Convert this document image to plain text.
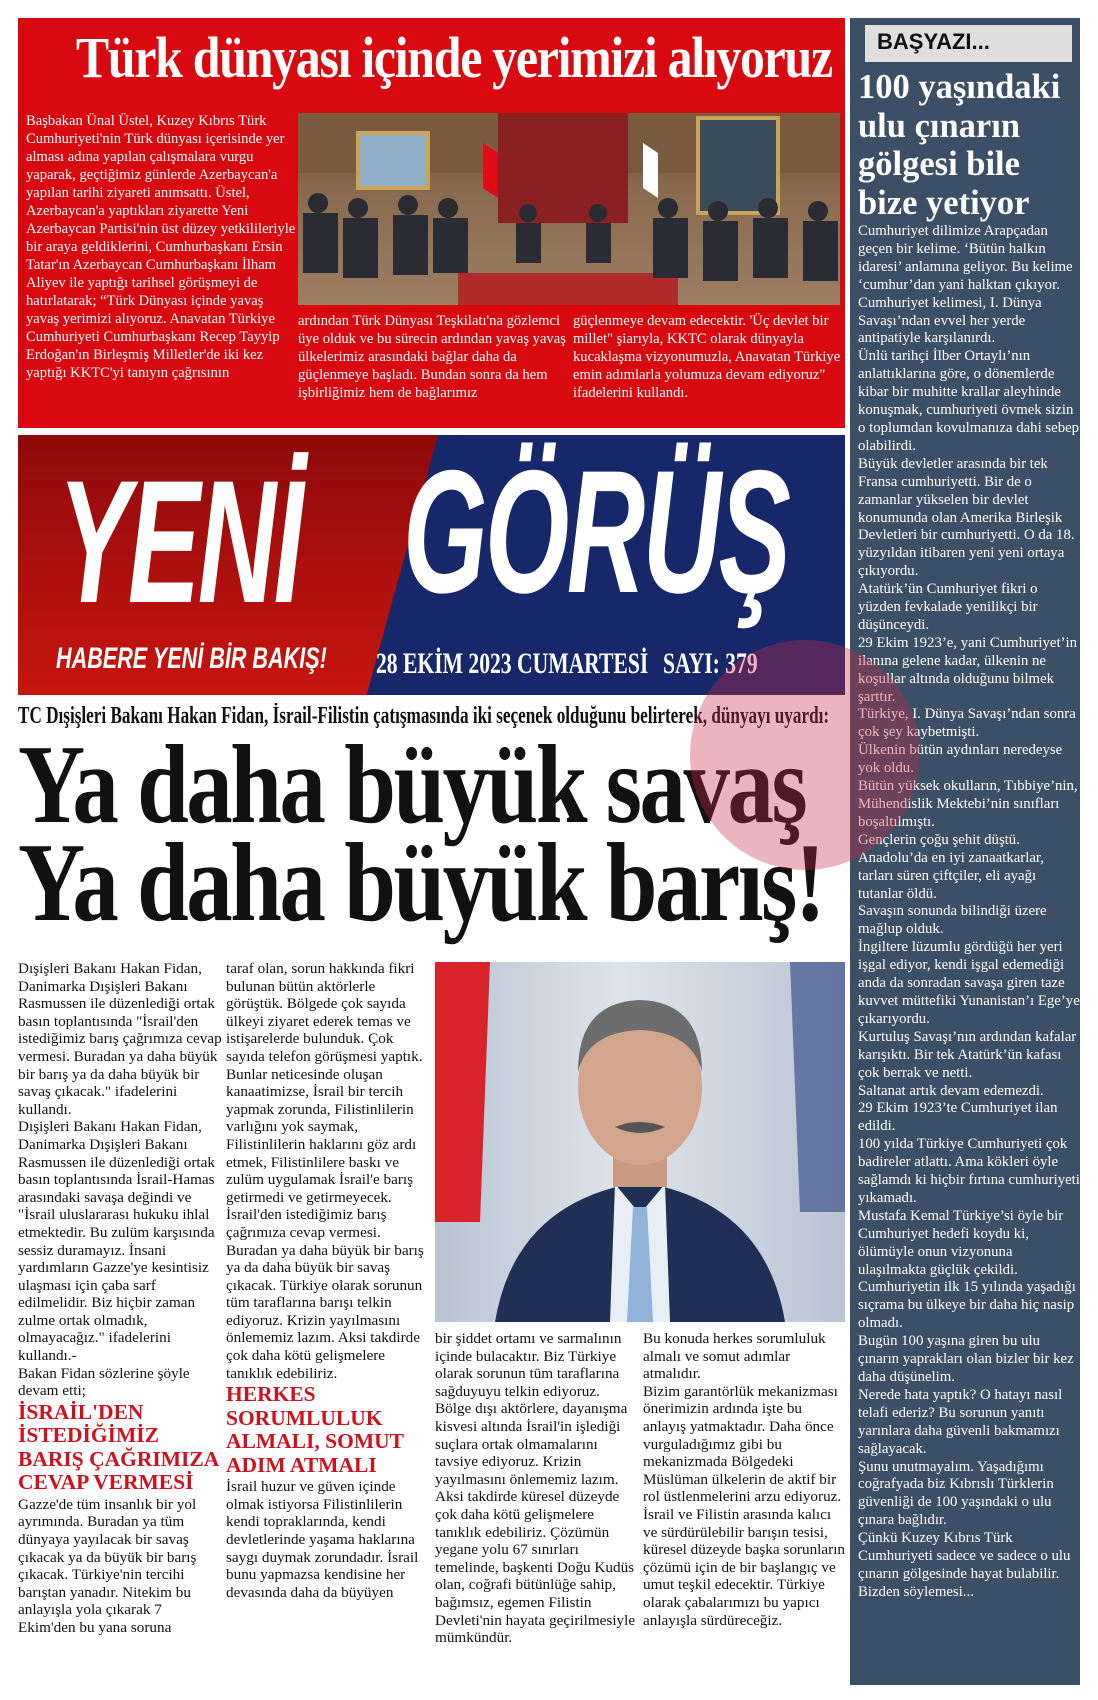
Türk dünyası içinde yerimizi alıyoruz
Başbakan Ünal Üstel, Kuzey Kıbrıs Türk Cumhuriyeti'nin Türk dünyası içerisinde yer alması adına yapılan çalışmalara vurgu yaparak, geçtiğimiz günlerde Azerbaycan'a yapılan tarihi ziyareti anımsattı. Üstel, Azerbaycan'a yaptıkları ziyarette Yeni Azerbaycan Partisi'nin üst düzey yetkilileriyle bir araya geldiklerini, Cumhurbaşkanı Ersin Tatar'ın Azerbaycan Cumhurbaşkanı İlham Aliyev ile yaptığı tarihsel görüşmeyi de hatırlatarak; “Türk Dünyası içinde yavaş yavaş yerimizi alıyoruz. Anavatan Türkiye Cumhuriyeti Cumhurbaşkanı Recep Tayyip Erdoğan'ın Birleşmiş Milletler'de iki kez yaptığı KKTC'yi tanıyın çağrısının
ardından Türk Dünyası Teşkilatı'na gözlemci üye olduk ve bu sürecin ardından yavaş yavaş ülkelerimiz arasındaki bağlar daha da güçlenmeye başladı. Bundan sonra da hem işbirliğimiz hem de bağlarımız
güçlenmeye devam edecektir. 'Üç devlet bir millet" şiarıyla, KKTC olarak dünyayla kucaklaşma vizyonumuzla, Anavatan Türkiye emin adımlarla yolumuza devam ediyoruz" ifadelerini kullandı.
YENİ GÖRÜŞ
HABERE YENİ BİR BAKIŞ! 28 EKİM 2023 CUMARTESİ SAYI: 379
TC Dışişleri Bakanı Hakan Fidan, İsrail-Filistin çatışmasında iki seçenek olduğunu belirterek, dünyayı uyardı:
Ya daha büyük savaş
Ya daha büyük barış!

Dışişleri Bakanı Hakan Fidan, Danimarka Dışişleri Bakanı Rasmussen ile düzenlediği ortak basın toplantısında "İsrail'den istediğimiz barış çağrımıza cevap vermesi. Buradan ya daha büyük bir barış ya da daha büyük bir savaş çıkacak." ifadelerini kullandı.

Dışişleri Bakanı Hakan Fidan, Danimarka Dışişleri Bakanı Rasmussen ile düzenlediği ortak basın toplantısında İsrail-Hamas arasındaki savaşa değindi ve "İsrail uluslararası hukuku ihlal etmektedir. Bu zulüm karşısında sessiz duramayız. İnsani yardımların Gazze'ye kesintisiz ulaşması için çaba sarf edilmelidir. Biz hiçbir zaman zulme ortak olmadık, olmayacağız." ifadelerini kullandı.-

Bakan Fidan sözlerine şöyle devam etti;

İSRAİL'DEN İSTEDİĞİMİZ BARIŞ ÇAĞRIMIZA CEVAP VERMESİ

Gazze'de tüm insanlık bir yol ayrımında. Buradan ya tüm dünyaya yayılacak bir savaş çıkacak ya da büyük bir barış çıkacak. Türkiye'nin tercihi barıştan yanadır. Nitekim bu anlayışla yola çıkarak 7 Ekim'den bu yana soruna

taraf olan, sorun hakkında fikri bulunan bütün aktörlerle görüştük. Bölgede çok sayıda ülkeyi ziyaret ederek temas ve istişarelerde bulunduk. Çok sayıda telefon görüşmesi yaptık.

Bunlar neticesinde oluşan kanaatimizse, İsrail bir tercih yapmak zorunda, Filistinlilerin varlığını yok saymak, Filistinlilerin haklarını göz ardı etmek, Filistinlilere baskı ve zulüm uygulamak İsrail'e barış getirmedi ve getirmeyecek. İsrail'den istediğimiz barış çağrımıza cevap vermesi. Buradan ya daha büyük bir barış ya da daha büyük bir savaş çıkacak. Türkiye olarak sorunun tüm taraflarına barışı telkin ediyoruz. Krizin yayılmasını önlememiz lazım. Aksi takdirde çok daha kötü gelişmelere tanıklık edebiliriz.

HERKES SORUMLULUK ALMALI, SOMUT ADIM ATMALI

İsrail huzur ve güven içinde olmak istiyorsa Filistinlilerin kendi topraklarında, kendi devletlerinde yaşama haklarına saygı duymak zorundadır. İsrail bunu yapmazsa kendisine her devasında daha da büyüyen

bir şiddet ortamı ve sarmalının içinde bulacaktır. Biz Türkiye olarak sorunun tüm taraflarına sağduyuyu telkin ediyoruz.

Bölge dışı aktörlere, dayanışma kisvesi altında İsrail'in işlediği suçlara ortak olmamalarını tavsiye ediyoruz. Krizin yayılmasını önlememiz lazım. Aksi takdirde küresel düzeyde çok daha kötü gelişmelere tanıklık edebiliriz. Çözümün yegane yolu 67 sınırları temelinde, başkenti Doğu Kudüs olan, coğrafi bütünlüğe sahip, bağımsız, egemen Filistin Devleti'nin hayata geçirilmesiyle mümkündür.

Bu konuda herkes sorumluluk almalı ve somut adımlar atmalıdır.

Bizim garantörlük mekanizması önerimizin ardında işte bu anlayış yatmaktadır. Daha önce vurguladığımız gibi bu mekanizmada Bölgedeki Müslüman ülkelerin de aktif bir rol üstlenmelerini arzu ediyoruz. İsrail ve Filistin arasında kalıcı ve sürdürülebilir barışın tesisi, küresel düzeyde başka sorunların çözümü için de bir başlangıç ve umut teşkil edecektir. Türkiye olarak çabalarımızı bu yapıcı anlayışla sürdüreceğiz.

BAŞYAZI...
100 yaşındaki
ulu çınarın
gölgesi bile
bize yetiyor

Cumhuriyet dilimize Arapçadan geçen bir kelime. ‘Bütün halkın idaresi’ anlamına geliyor. Bu kelime ‘cumhur’dan yani halktan çıkıyor.

Cumhuriyet kelimesi, I. Dünya Savaşı’ndan evvel her yerde antipatiyle karşılanırdı.

Ünlü tarihçi İlber Ortaylı’nın anlattıklarına göre, o dönemlerde kibar bir muhitte krallar aleyhinde konuşmak, cumhuriyeti övmek sizin o toplumdan kovulmanıza dahi sebep olabilirdi.

Büyük devletler arasında bir tek Fransa cumhuriyetti. Bir de o zamanlar yükselen bir devlet konumunda olan Amerika Birleşik Devletleri bir cumhuriyetti. O da 18. yüzyıldan itibaren yeni yeni ortaya çıkıyordu.

Atatürk’ün Cumhuriyet fikri o yüzden fevkalade yenilikçi bir düşünceydi.

29 Ekim 1923’e, yani Cumhuriyet’in ilanına gelene kadar, ülkenin ne koşullar altında olduğunu bilmek şarttır.

Türkiye, I. Dünya Savaşı’ndan sonra çok şey kaybetmişti.

Ülkenin bütün aydınları neredeyse yok oldu.

Bütün yüksek okulların, Tıbbiye’nin, Mühendislik Mektebi’nin sınıfları boşaltılmıştı.

Gençlerin çoğu şehit düştü.

Anadolu’da en iyi zanaatkarlar, tarları süren çiftçiler, eli ayağı tutanlar öldü.

Savaşın sonunda bilindiği üzere mağlup olduk.

İngiltere lüzumlu gördüğü her yeri işgal ediyor, kendi işgal edemediği anda da sonradan savaşa giren taze kuvvet müttefiki Yunanistan’ı Ege’ye çıkarıyordu.

Kurtuluş Savaşı’nın ardından kafalar karışıktı. Bir tek Atatürk’ün kafası çok berrak ve netti.

Saltanat artık devam edemezdi.

29 Ekim 1923’te Cumhuriyet ilan edildi.

100 yılda Türkiye Cumhuriyeti çok badireler atlattı. Ama kökleri öyle sağlamdı ki hiçbir fırtına cumhuriyeti yıkamadı.

Mustafa Kemal Türkiye’si öyle bir Cumhuriyet hedefi koydu ki, ölümüyle onun vizyonuna ulaşılmakta güçlük çekildi.

Cumhuriyetin ilk 15 yılında yaşadığı sıçrama bu ülkeye bir daha hiç nasip olmadı.

Bugün 100 yaşına giren bu ulu çınarın yaprakları olan bizler bir kez daha düşünelim.

Nerede hata yaptık? O hatayı nasıl telafi ederiz? Bu sorunun yanıtı yarınlara daha güvenli bakmamızı sağlayacak.

Şunu unutmayalım. Yaşadığımı coğrafyada biz Kıbrıslı Türklerin güvenliği de 100 yaşındaki o ulu çınara bağlıdır.

Çünkü Kuzey Kıbrıs Türk Cumhuriyeti sadece ve sadece o ulu çınarın gölgesinde hayat bulabilir. Bizden söylemesi...
